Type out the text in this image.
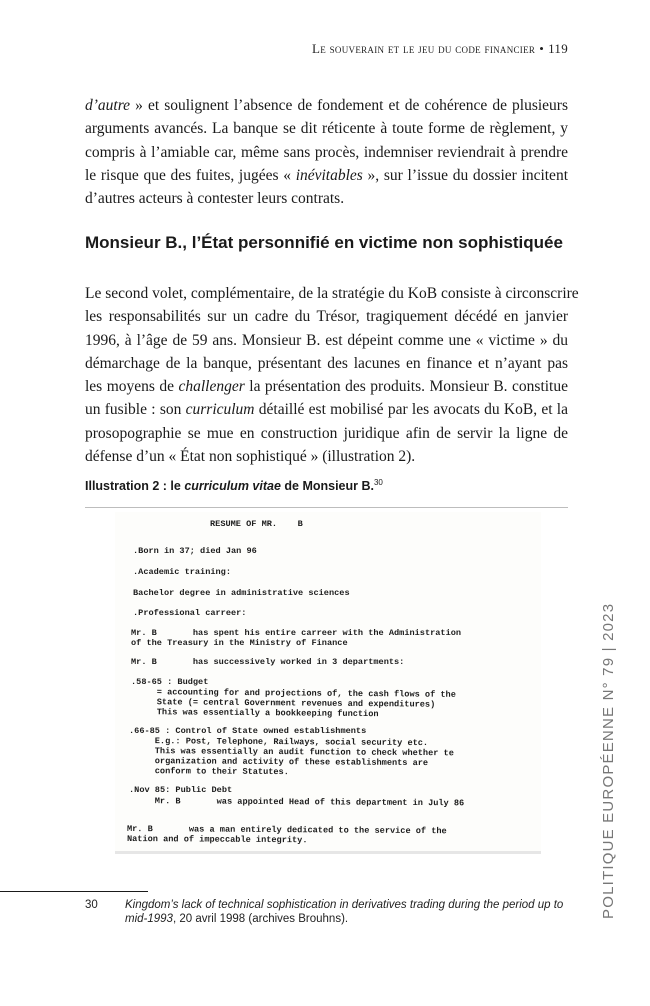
Le souverain et le jeu du code financier • 119
d’autre » et soulignent l’absence de fondement et de cohérence de plusieurs
arguments avancés. La banque se dit réticente à toute forme de règlement, y
compris à l’amiable car, même sans procès, indemniser reviendrait à prendre
le risque que des fuites, jugées « inévitables », sur l’issue du dossier incitent
d’autres acteurs à contester leurs contrats.
Monsieur B., l’État personnifié en victime non sophistiquée
Le second volet, complémentaire, de la stratégie du KoB consiste à circonscrire
les responsabilités sur un cadre du Trésor, tragiquement décédé en janvier
1996, à l’âge de 59 ans. Monsieur B. est dépeint comme une « victime » du
démarchage de la banque, présentant des lacunes en finance et n’ayant pas
les moyens de challenger la présentation des produits. Monsieur B. constitue
un fusible : son curriculum détaillé est mobilisé par les avocats du KoB, et la
prosopographie se mue en construction juridique afin de servir la ligne de
défense d’un « État non sophistiqué » (illustration 2).
Illustration 2 : le curriculum vitae de Monsieur B.$^{30}$
RESUME OF MR.    B
.Born in 37; died Jan 96
.Academic training:
Bachelor degree in administrative sciences
.Professional carreer:
Mr. B       has spent his entire carreer with the Administration
of the Treasury in the Ministry of Finance
Mr. B       has successively worked in 3 departments:
.58-65 : Budget
= accounting for and projections of, the cash flows of the
State (= central Government revenues and expenditures)
This was essentially a bookkeeping function
.66-85 : Control of State owned establishments
E.g.: Post, Telephone, Railways, social security etc.
This was essentially an audit function to check whether te
organization and activity of these establishments are
conform to their Statutes.
.Nov 85: Public Debt
Mr. B       was appointed Head of this department in July 86
Mr. B       was a man entirely dedicated to the service of the
Nation and of impeccable integrity.
30 Kingdom’s lack of technical sophistication in derivatives trading during the period up to mid-1993, 20 avril 1998 (archives Brouhns).	POLITIQUE EUROPÉENNE N° 79 | 2023
